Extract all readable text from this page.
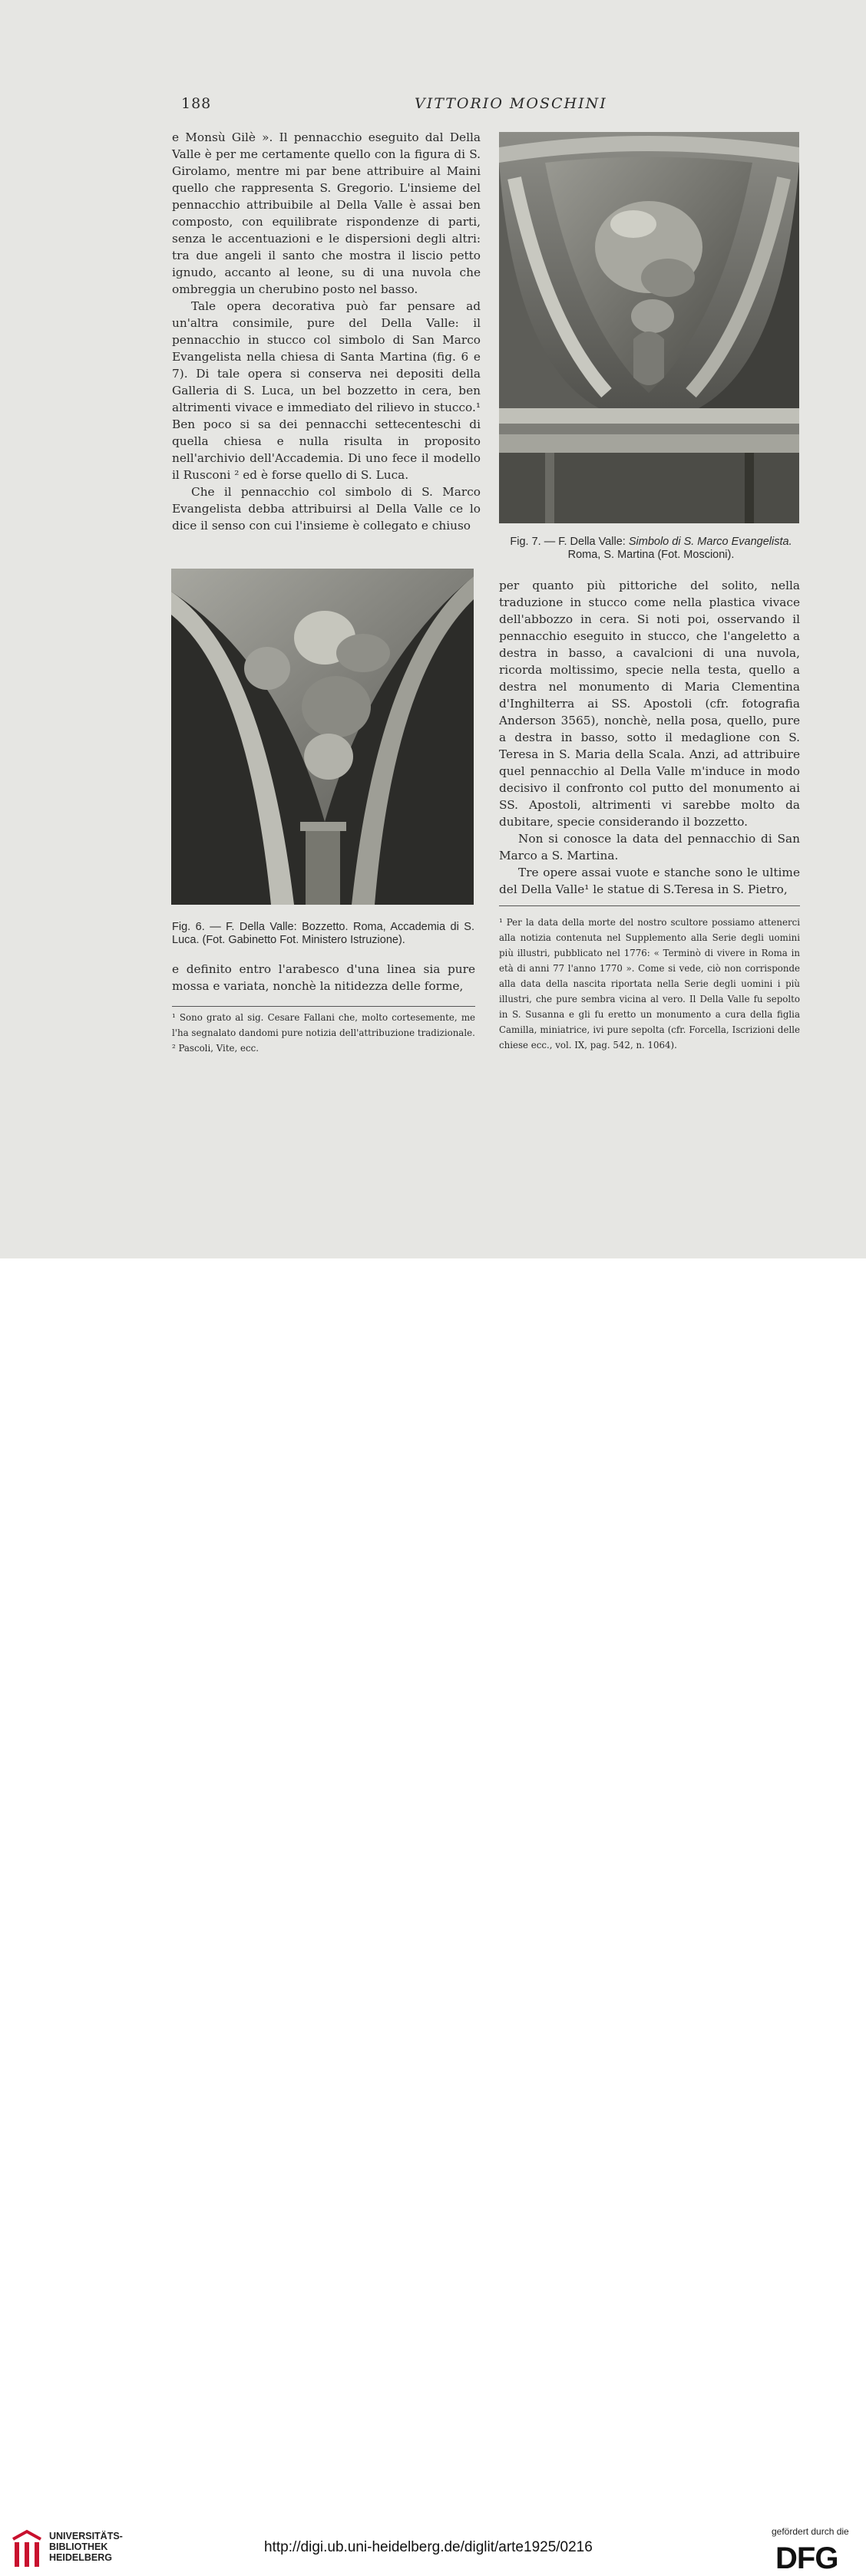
188	VITTORIO MOSCHINI

e Monsù Gilè ». Il pennacchio eseguito dal Della Valle è per me certamente quello con la figura di S. Girolamo, mentre mi par bene attribuire al Maini quello che rappresenta S. Gregorio. L'insieme del pennacchio attribuibile al Della Valle è assai ben composto, con equilibrate rispondenze di parti, senza le accentuazioni e le dispersioni degli altri: tra due angeli il santo che mostra il liscio petto ignudo, accanto al leone, su di una nuvola che ombreggia un cherubino posto nel basso.

Tale opera decorativa può far pensare ad un'altra consimile, pure del Della Valle: il pennacchio in stucco col simbolo di San Marco Evangelista nella chiesa di Santa Martina (fig. 6 e 7). Di tale opera si conserva nei depositi della Galleria di S. Luca, un bel bozzetto in cera, ben altrimenti vivace e immediato del rilievo in stucco.¹ Ben poco si sa dei pennacchi settecenteschi di quella chiesa e nulla risulta in proposito nell'archivio dell'Accademia. Di uno fece il modello il Rusconi ² ed è forse quello di S. Luca.

Che il pennacchio col simbolo di S. Marco Evangelista debba attribuirsi al Della Valle ce lo dice il senso con cui l'insieme è collegato e chiuso

Fig. 7. — F. Della Valle: Simbolo di S. Marco Evangelista. Roma, S. Martina (Fot. Moscioni).
Fig. 6. — F. Della Valle: Bozzetto. Roma, Accademia di S. Luca. (Fot. Gabinetto Fot. Ministero Istruzione).

e definito entro l'arabesco d'una linea sia pure mossa e variata, nonchè la nitidezza delle forme,

¹ Sono grato al sig. Cesare Fallani che, molto cortesemente, me l'ha segnalato dandomi pure notizia dell'attribuzione tradizionale.
² Pascoli, Vite, ecc.

per quanto più pittoriche del solito, nella traduzione in stucco come nella plastica vivace dell'abbozzo in cera. Si noti poi, osservando il pennacchio eseguito in stucco, che l'angeletto a destra in basso, a cavalcioni di una nuvola, ricorda moltissimo, specie nella testa, quello a destra nel monumento di Maria Clementina d'Inghilterra ai SS. Apostoli (cfr. fotografia Anderson 3565), nonchè, nella posa, quello, pure a destra in basso, sotto il medaglione con S. Teresa in S. Maria della Scala. Anzi, ad attribuire quel pennacchio al Della Valle m'induce in modo decisivo il confronto col putto del monumento ai SS. Apostoli, altrimenti vi sarebbe molto da dubitare, specie considerando il bozzetto.

Non si conosce la data del pennacchio di San Marco a S. Martina.

Tre opere assai vuote e stanche sono le ultime del Della Valle¹ le statue di S.Teresa in S. Pietro,

¹ Per la data della morte del nostro scultore possiamo attenerci alla notizia contenuta nel Supplemento alla Serie degli uomini più illustri, pubblicato nel 1776: « Terminò di vivere in Roma in età di anni 77 l'anno 1770 ». Come si vede, ciò non corrisponde alla data della nascita riportata nella Serie degli uomini i più illustri, che pure sembra vicina al vero. Il Della Valle fu sepolto in S. Susanna e gli fu eretto un monumento a cura della figlia Camilla, miniatrice, ivi pure sepolta (cfr. Forcella, Iscrizioni delle chiese ecc., vol. IX, pag. 542, n. 1064).
UNIVERSITÄTS-
BIBLIOTHEK
HEIDELBERG
http://digi.ub.uni-heidelberg.de/diglit/arte1925/0216
gefördert durch die
DFG
